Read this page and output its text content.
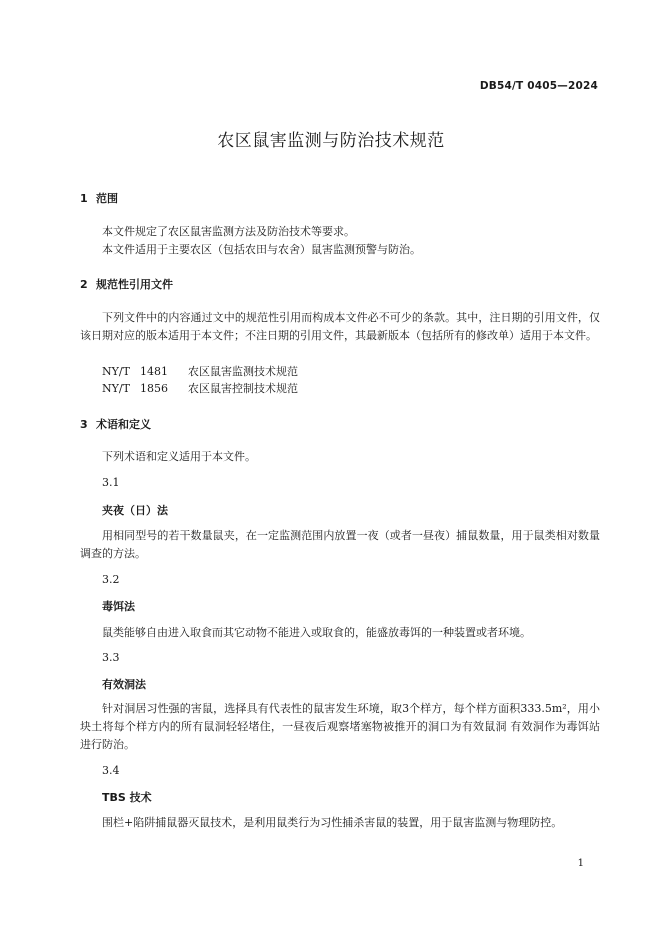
DB54/T 0405—2024
农区鼠害监测与防治技术规范
1 范围
本文件规定了农区鼠害监测方法及防治技术等要求。
本文件适用于主要农区（包括农田与农舍）鼠害监测预警与防治。
2 规范性引用文件
下列文件中的内容通过文中的规范性引用而构成本文件必不可少的条款。其中，注日期的引用文件，仅该日期对应的版本适用于本文件；不注日期的引用文件，其最新版本（包括所有的修改单）适用于本文件。
NY/T 1481 农区鼠害监测技术规范
NY/T 1856 农区鼠害控制技术规范
3 术语和定义
下列术语和定义适用于本文件。
3.1
夹夜（日）法
用相同型号的若干数量鼠夹，在一定监测范围内放置一夜（或者一昼夜）捕鼠数量，用于鼠类相对数量调查的方法。
3.2
毒饵法
鼠类能够自由进入取食而其它动物不能进入或取食的，能盛放毒饵的一种装置或者环境。
3.3
有效洞法
针对洞居习性强的害鼠，选择具有代表性的鼠害发生环境，取3个样方，每个样方面积333.5m²，用小块土将每个样方内的所有鼠洞轻轻堵住，一昼夜后观察堵塞物被推开的洞口为有效鼠洞 有效洞作为毒饵站进行防治。
3.4
TBS 技术
围栏+陷阱捕鼠器灭鼠技术，是利用鼠类行为习性捕杀害鼠的装置，用于鼠害监测与物理防控。
1
